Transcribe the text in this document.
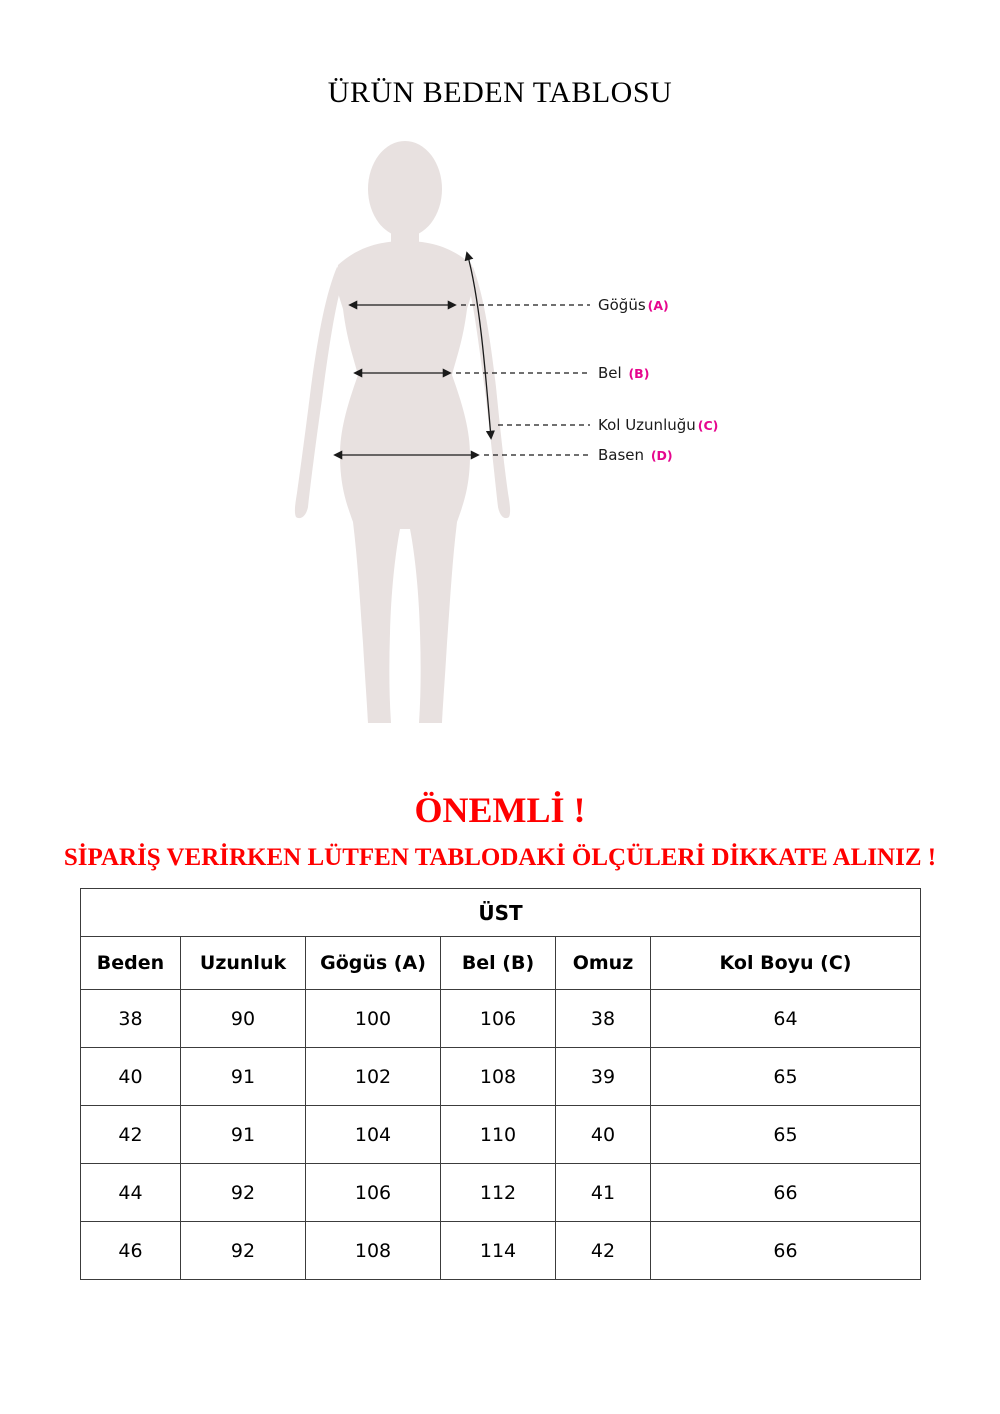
ÜRÜN BEDEN TABLOSU
Göğüs (A)
Bel (B)
Kol Uzunluğu (C)
Basen (D)
ÖNEMLİ !
SİPARİŞ VERİRKEN LÜTFEN TABLODAKİ ÖLÇÜLERİ DİKKATE ALINIZ !
ÜST					
Beden	Uzunluk	Gögüs (A)	Bel (B)	Omuz	Kol Boyu (C)
38	90	100	106	38	64
40	91	102	108	39	65
42	91	104	110	40	65
44	92	106	112	41	66
46	92	108	114	42	66
